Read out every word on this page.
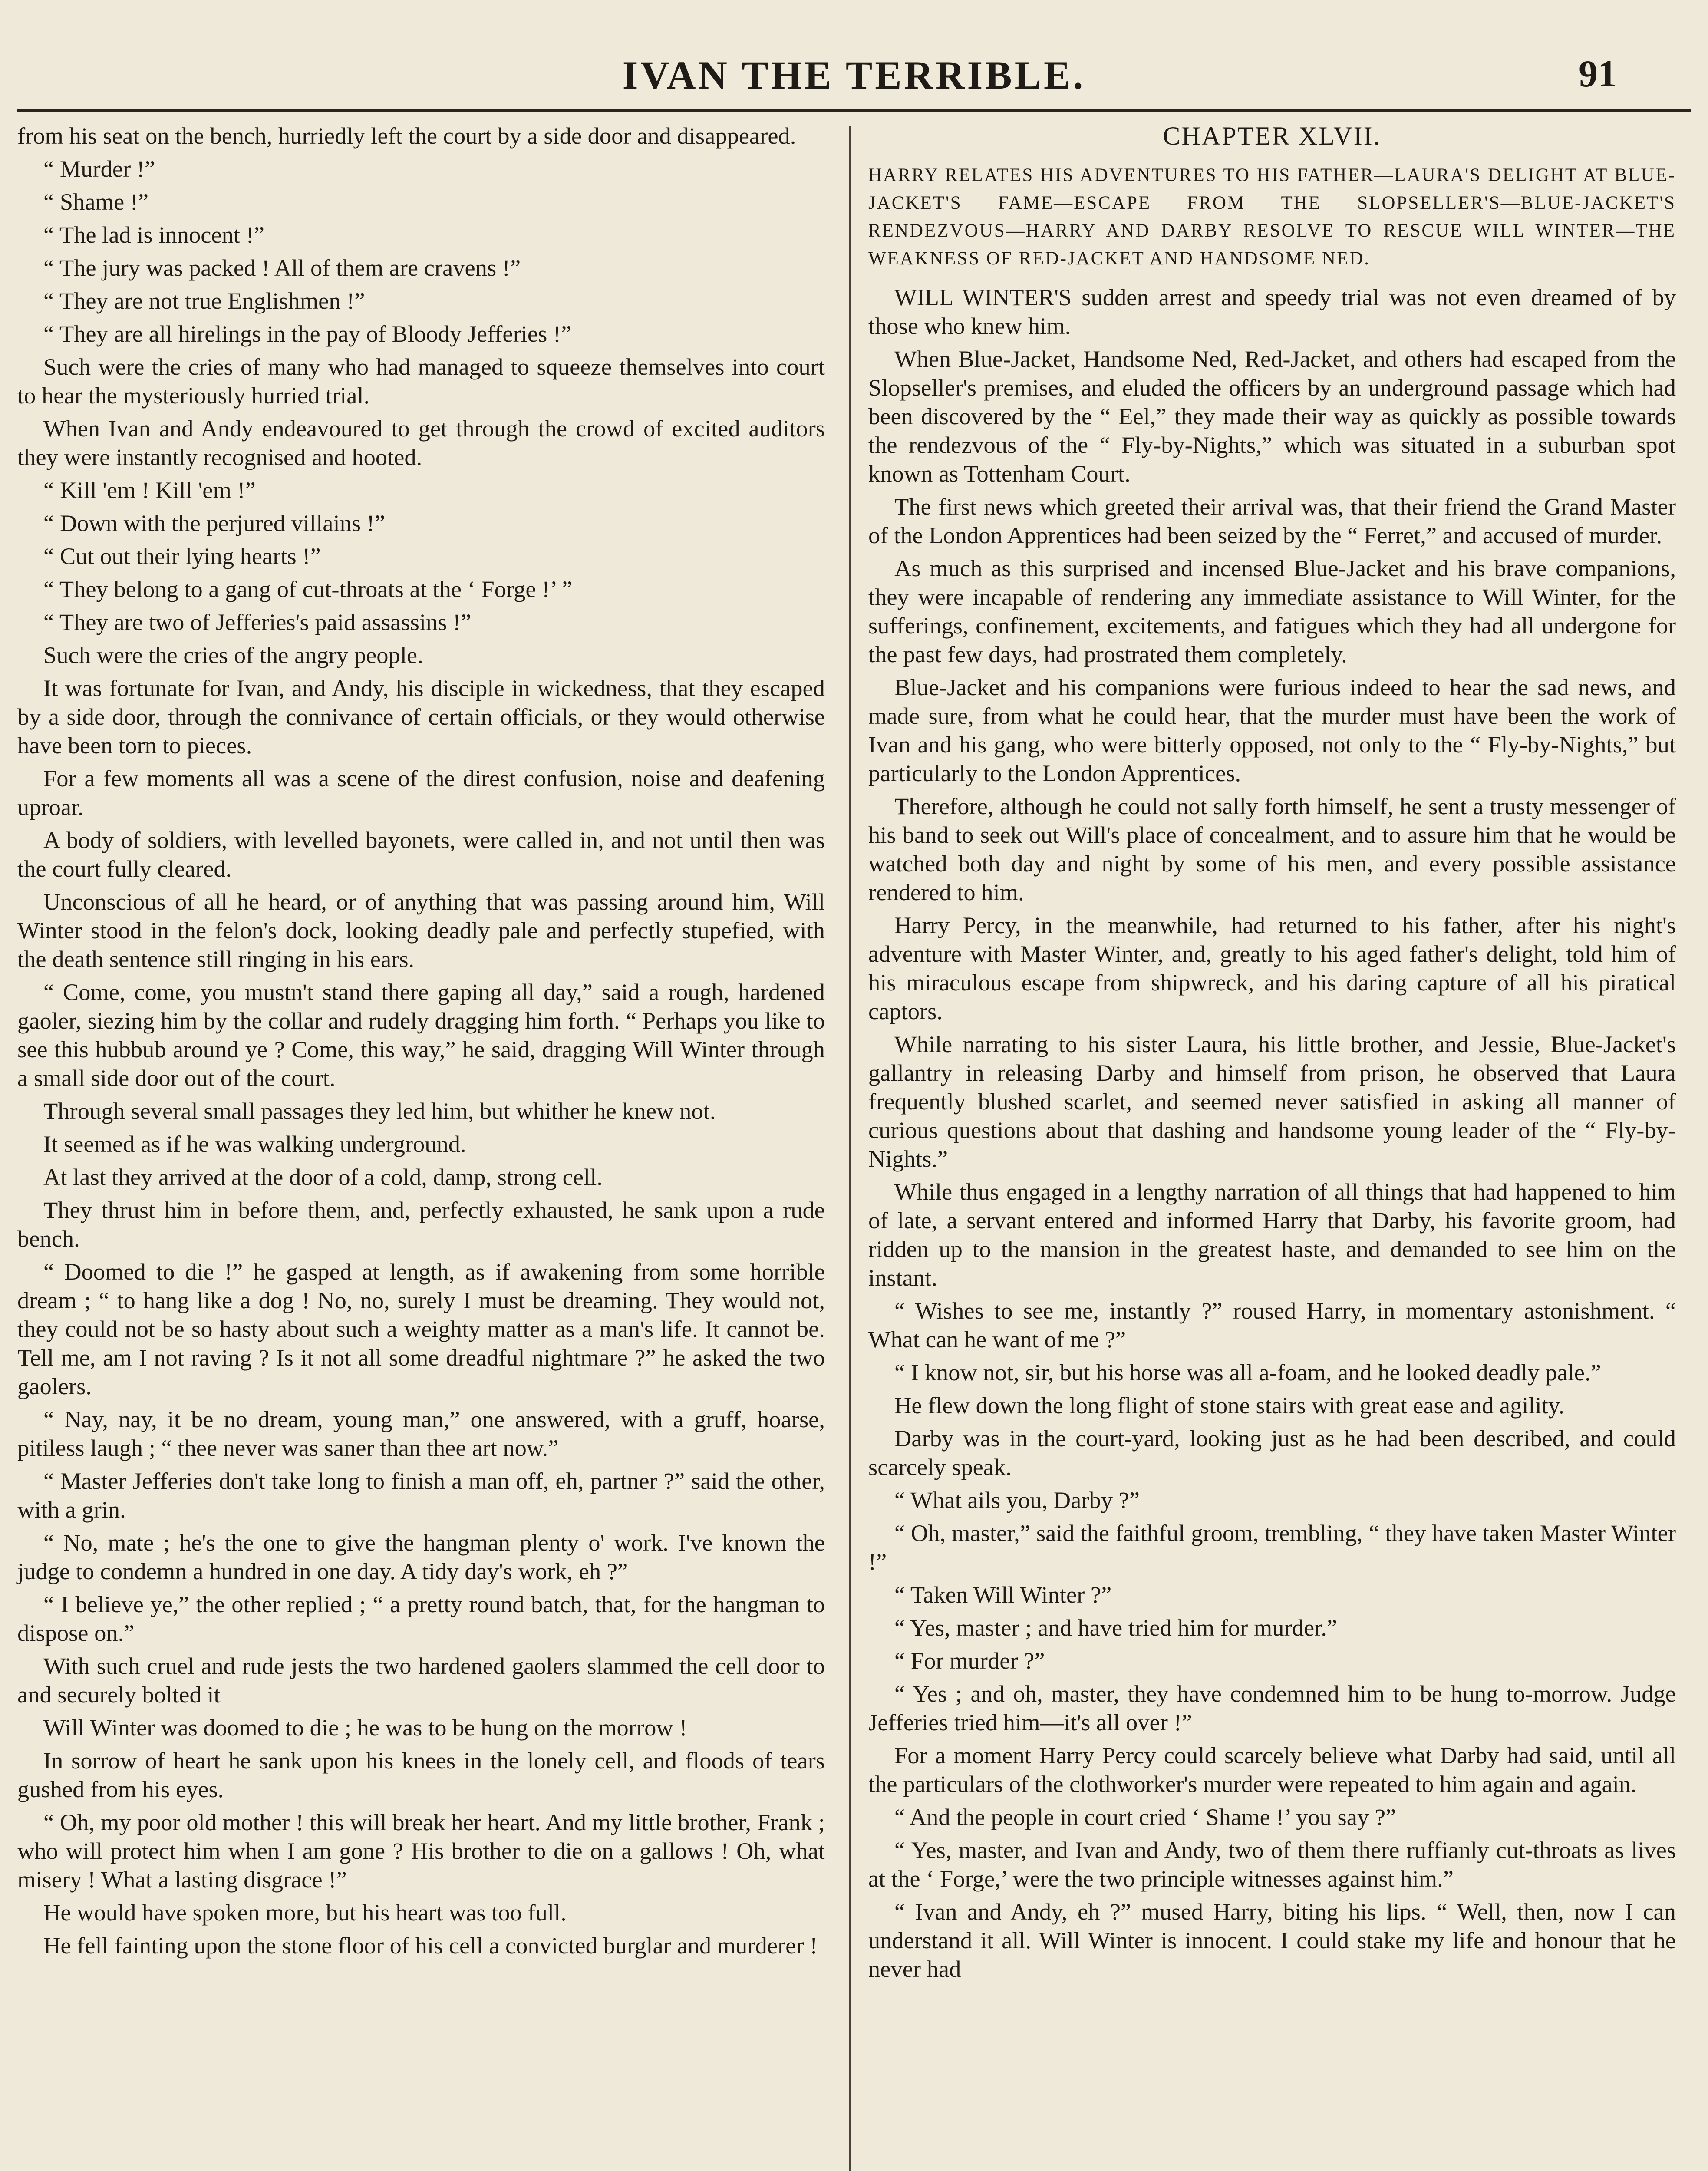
IVAN THE TERRIBLE.	91

from his seat on the bench, hurriedly left the court by a side door and disappeared.

“ Murder !”

“ Shame !”

“ The lad is innocent !”

“ The jury was packed ! All of them are cravens !”

“ They are not true Englishmen !”

“ They are all hirelings in the pay of Bloody Jefferies !”

Such were the cries of many who had managed to squeeze themselves into court to hear the mysteriously hurried trial.

When Ivan and Andy endeavoured to get through the crowd of excited auditors they were instantly recognised and hooted.

“ Kill 'em ! Kill 'em !”

“ Down with the perjured villains !”

“ Cut out their lying hearts !”

“ They belong to a gang of cut-throats at the ‘ Forge !’ ”

“ They are two of Jefferies's paid assassins !”

Such were the cries of the angry people.

It was fortunate for Ivan, and Andy, his disciple in wickedness, that they escaped by a side door, through the connivance of certain officials, or they would otherwise have been torn to pieces.

For a few moments all was a scene of the direst confusion, noise and deafening uproar.

A body of soldiers, with levelled bayonets, were called in, and not until then was the court fully cleared.

Unconscious of all he heard, or of anything that was passing around him, Will Winter stood in the felon's dock, looking deadly pale and perfectly stupefied, with the death sentence still ringing in his ears.

“ Come, come, you mustn't stand there gaping all day,” said a rough, hardened gaoler, siezing him by the collar and rudely dragging him forth. “ Perhaps you like to see this hubbub around ye ? Come, this way,” he said, dragging Will Winter through a small side door out of the court.

Through several small passages they led him, but whither he knew not.

It seemed as if he was walking underground.

At last they arrived at the door of a cold, damp, strong cell.

They thrust him in before them, and, perfectly exhausted, he sank upon a rude bench.

“ Doomed to die !” he gasped at length, as if awakening from some horrible dream ; “ to hang like a dog ! No, no, surely I must be dreaming. They would not, they could not be so hasty about such a weighty matter as a man's life. It cannot be. Tell me, am I not raving ? Is it not all some dreadful nightmare ?” he asked the two gaolers.

“ Nay, nay, it be no dream, young man,” one answered, with a gruff, hoarse, pitiless laugh ; “ thee never was saner than thee art now.”

“ Master Jefferies don't take long to finish a man off, eh, partner ?” said the other, with a grin.

“ No, mate ; he's the one to give the hangman plenty o' work. I've known the judge to condemn a hundred in one day. A tidy day's work, eh ?”

“ I believe ye,” the other replied ; “ a pretty round batch, that, for the hangman to dispose on.”

With such cruel and rude jests the two hardened gaolers slammed the cell door to and securely bolted it

Will Winter was doomed to die ; he was to be hung on the morrow !

In sorrow of heart he sank upon his knees in the lonely cell, and floods of tears gushed from his eyes.

“ Oh, my poor old mother ! this will break her heart. And my little brother, Frank ; who will protect him when I am gone ? His brother to die on a gallows ! Oh, what misery ! What a lasting disgrace !”

He would have spoken more, but his heart was too full.

He fell fainting upon the stone floor of his cell a convicted burglar and murderer !

CHAPTER XLVII.
HARRY RELATES HIS ADVENTURES TO HIS FATHER—LAURA'S DELIGHT AT BLUE-JACKET'S FAME—ESCAPE FROM THE SLOPSELLER'S—BLUE-JACKET'S RENDEZVOUS—HARRY AND DARBY RESOLVE TO RESCUE WILL WINTER—THE WEAKNESS OF RED-JACKET AND HANDSOME NED.

WILL WINTER'S sudden arrest and speedy trial was not even dreamed of by those who knew him.

When Blue-Jacket, Handsome Ned, Red-Jacket, and others had escaped from the Slopseller's premises, and eluded the officers by an underground passage which had been discovered by the “ Eel,” they made their way as quickly as possible towards the rendezvous of the “ Fly-by-Nights,” which was situated in a suburban spot known as Tottenham Court.

The first news which greeted their arrival was, that their friend the Grand Master of the London Apprentices had been seized by the “ Ferret,” and accused of murder.

As much as this surprised and incensed Blue-Jacket and his brave companions, they were incapable of rendering any immediate assistance to Will Winter, for the sufferings, confinement, excitements, and fatigues which they had all undergone for the past few days, had prostrated them completely.

Blue-Jacket and his companions were furious indeed to hear the sad news, and made sure, from what he could hear, that the murder must have been the work of Ivan and his gang, who were bitterly opposed, not only to the “ Fly-by-Nights,” but particularly to the London Apprentices.

Therefore, although he could not sally forth himself, he sent a trusty messenger of his band to seek out Will's place of concealment, and to assure him that he would be watched both day and night by some of his men, and every possible assistance rendered to him.

Harry Percy, in the meanwhile, had returned to his father, after his night's adventure with Master Winter, and, greatly to his aged father's delight, told him of his miraculous escape from shipwreck, and his daring capture of all his piratical captors.

While narrating to his sister Laura, his little brother, and Jessie, Blue-Jacket's gallantry in releasing Darby and himself from prison, he observed that Laura frequently blushed scarlet, and seemed never satisfied in asking all manner of curious questions about that dashing and handsome young leader of the “ Fly-by-Nights.”

While thus engaged in a lengthy narration of all things that had happened to him of late, a servant entered and informed Harry that Darby, his favorite groom, had ridden up to the mansion in the greatest haste, and demanded to see him on the instant.

“ Wishes to see me, instantly ?” roused Harry, in momentary astonishment. “ What can he want of me ?”

“ I know not, sir, but his horse was all a-foam, and he looked deadly pale.”

He flew down the long flight of stone stairs with great ease and agility.

Darby was in the court-yard, looking just as he had been described, and could scarcely speak.

“ What ails you, Darby ?”

“ Oh, master,” said the faithful groom, trembling, “ they have taken Master Winter !”

“ Taken Will Winter ?”

“ Yes, master ; and have tried him for murder.”

“ For murder ?”

“ Yes ; and oh, master, they have condemned him to be hung to-morrow. Judge Jefferies tried him—it's all over !”

For a moment Harry Percy could scarcely believe what Darby had said, until all the particulars of the clothworker's murder were repeated to him again and again.

“ And the people in court cried ‘ Shame !’ you say ?”

“ Yes, master, and Ivan and Andy, two of them there ruffianly cut-throats as lives at the ‘ Forge,’ were the two principle witnesses against him.”

“ Ivan and Andy, eh ?” mused Harry, biting his lips. “ Well, then, now I can understand it all. Will Winter is innocent. I could stake my life and honour that he never had
